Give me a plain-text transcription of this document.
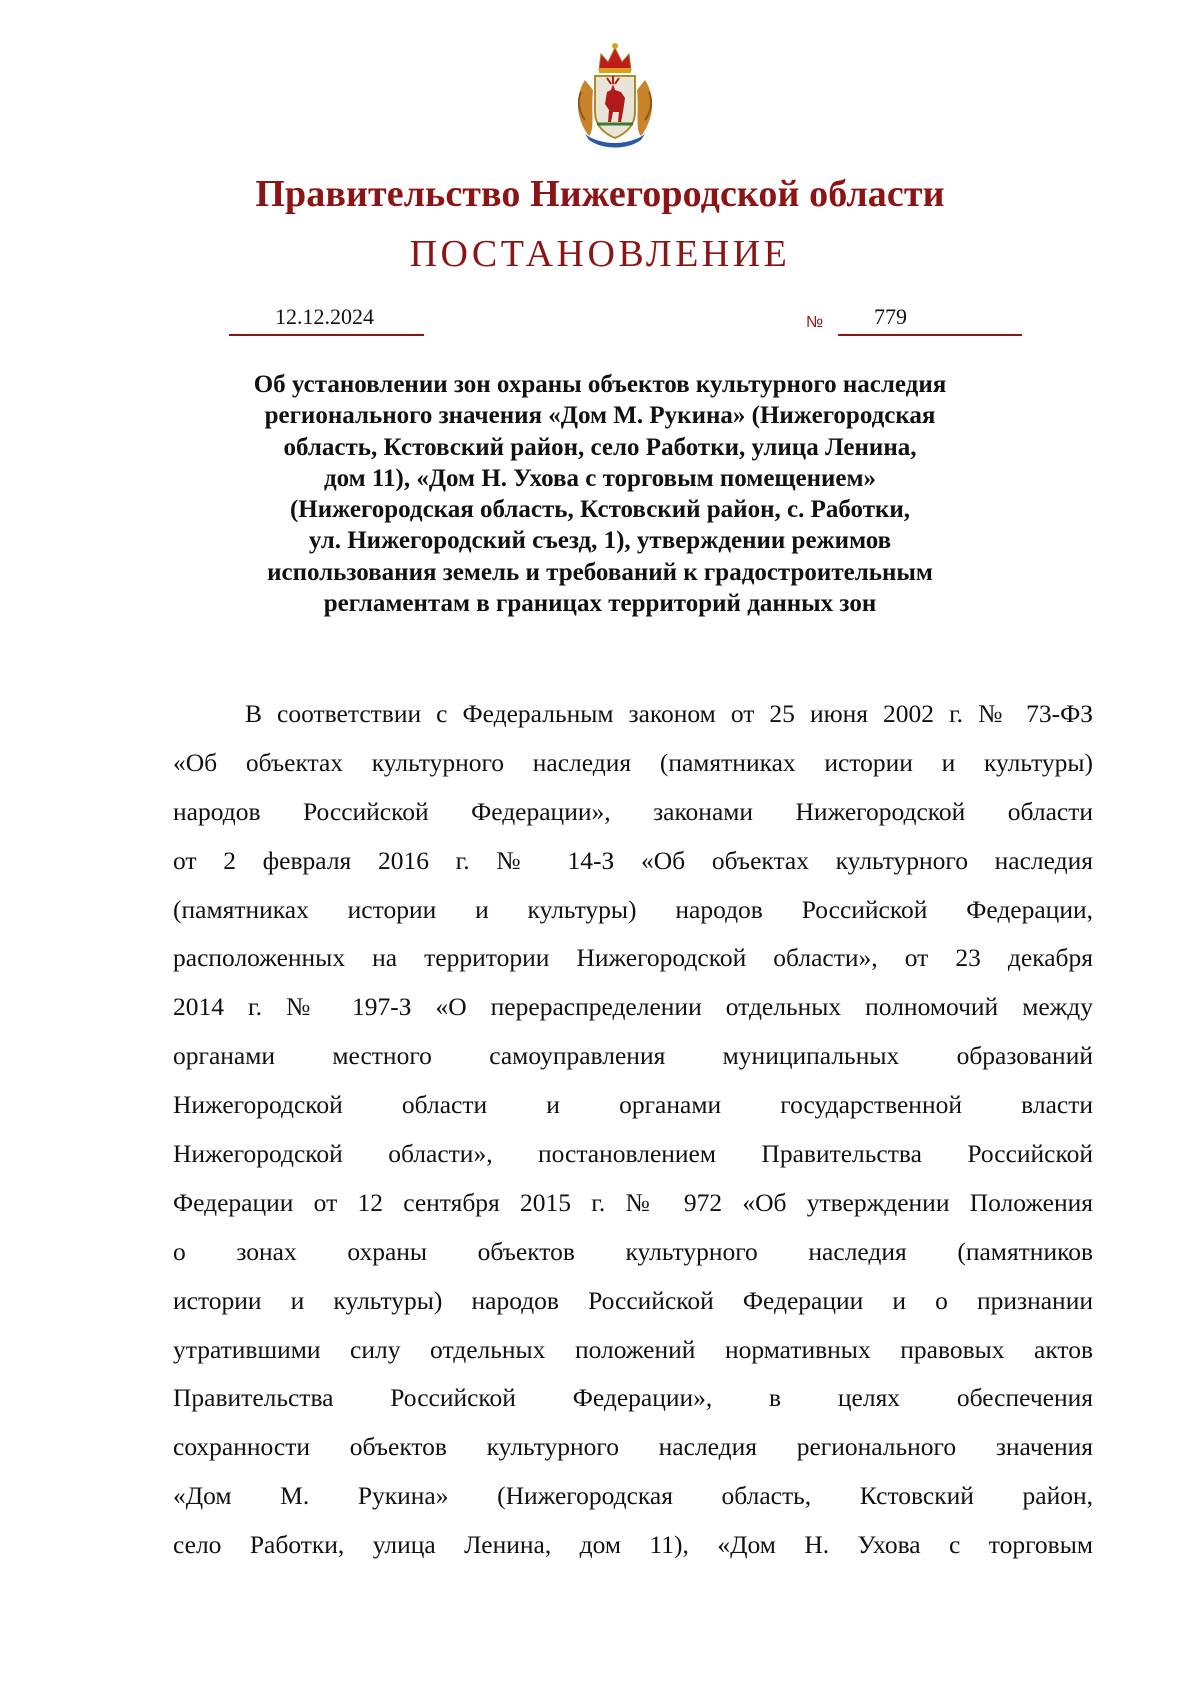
Правительство Нижегородской области
ПОСТАНОВЛЕНИЕ
12.12.2024	№ 779
Об установлении зон охраны объектов культурного наследия
регионального значения «Дом М. Рукина» (Нижегородская
область, Кстовский район, село Работки, улица Ленина,
дом 11), «Дом Н. Ухова с торговым помещением»
(Нижегородская область, Кстовский район, с. Работки,
ул. Нижегородский съезд, 1), утверждении режимов
использования земель и требований к градостроительным
регламентам в границах территорий данных зон
В соответствии с Федеральным законом от 25 июня 2002 г. № 73-ФЗ
«Об объектах культурного наследия (памятниках истории и культуры)
народов Российской Федерации», законами Нижегородской области
от 2 февраля 2016 г. № 14-З «Об объектах культурного наследия
(памятниках истории и культуры) народов Российской Федерации,
расположенных на территории Нижегородской области», от 23 декабря
2014 г. № 197-З «О перераспределении отдельных полномочий между
органами местного самоуправления муниципальных образований
Нижегородской области и органами государственной власти
Нижегородской области», постановлением Правительства Российской
Федерации от 12 сентября 2015 г. № 972 «Об утверждении Положения
о зонах охраны объектов культурного наследия (памятников
истории и культуры) народов Российской Федерации и о признании
утратившими силу отдельных положений нормативных правовых актов
Правительства Российской Федерации», в целях обеспечения
сохранности объектов культурного наследия регионального значения
«Дом М. Рукина» (Нижегородская область, Кстовский район,
село Работки, улица Ленина, дом 11), «Дом Н. Ухова с торговым
